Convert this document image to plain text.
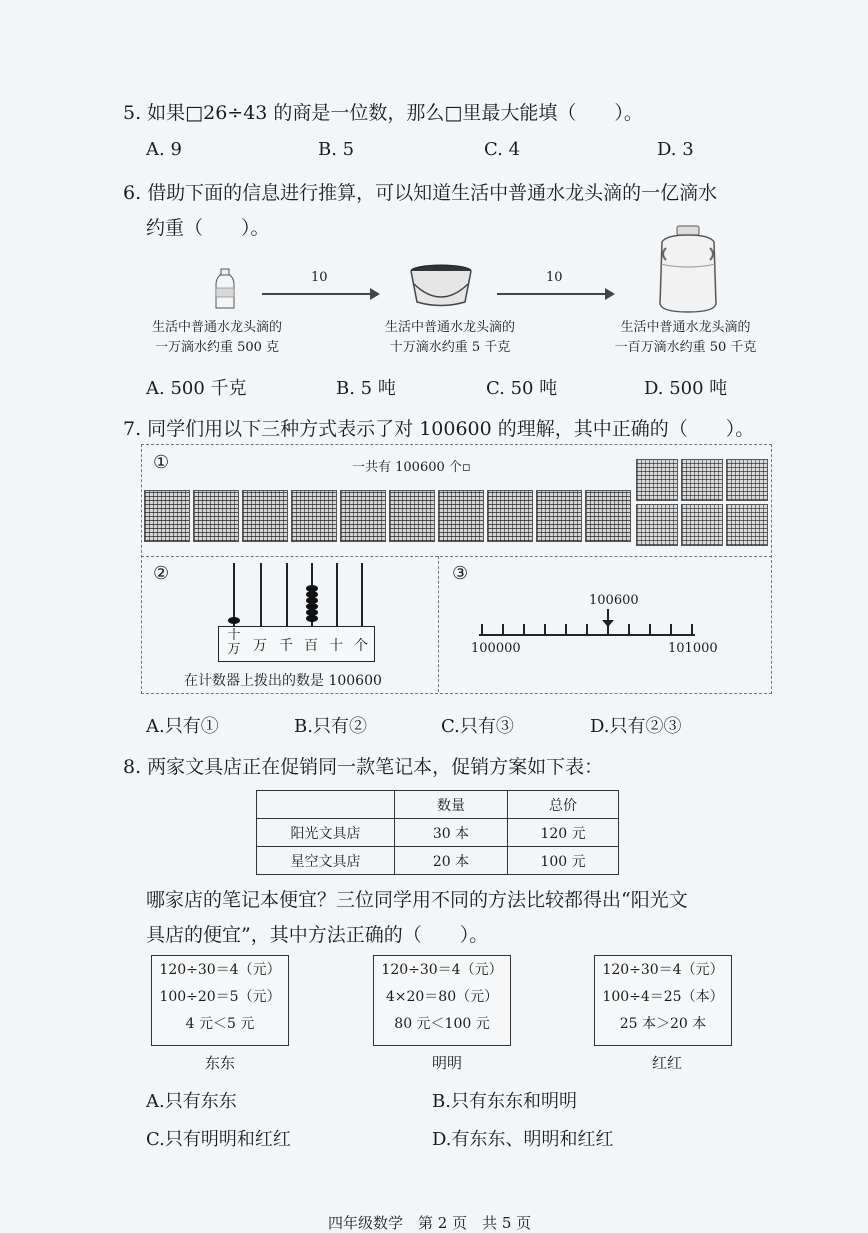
5. 如果□26÷43 的商是一位数，那么□里最大能填（　　）。
A. 9	B. 5	C. 4	D. 3
6. 借助下面的信息进行推算，可以知道生活中普通水龙头滴的一亿滴水
约重（　　）。
10	10
生活中普通水龙头滴的
一万滴水约重 500 克
生活中普通水龙头滴的
十万滴水约重 5 千克
生活中普通水龙头滴的
一百万滴水约重 50 千克
A. 500 千克	B. 5 吨	C. 50 吨	D. 500 吨
7. 同学们用以下三种方式表示了对 100600 的理解，其中正确的（　　）。
①	一共有 100600 个▫
②
十
万 万 千 百 十 个
在计数器上拨出的数是 100600
③
100600
100000	101000
A.只有①	B.只有②	C.只有③	D.只有②③
8. 两家文具店正在促销同一款笔记本，促销方案如下表：
	数量	总价
阳光文具店	30 本	120 元
星空文具店	20 本	100 元
哪家店的笔记本便宜？三位同学用不同的方法比较都得出“阳光文
具店的便宜”，其中方法正确的（　　）。
120÷30＝4（元）
100÷20＝5（元）
4 元＜5 元
东东
120÷30＝4（元）
4×20＝80（元）
80 元＜100 元
明明
120÷30＝4（元）
100÷4＝25（本）
25 本＞20 本
红红
A.只有东东	B.只有东东和明明
C.只有明明和红红	D.有东东、明明和红红
四年级数学　第 2 页　共 5 页
